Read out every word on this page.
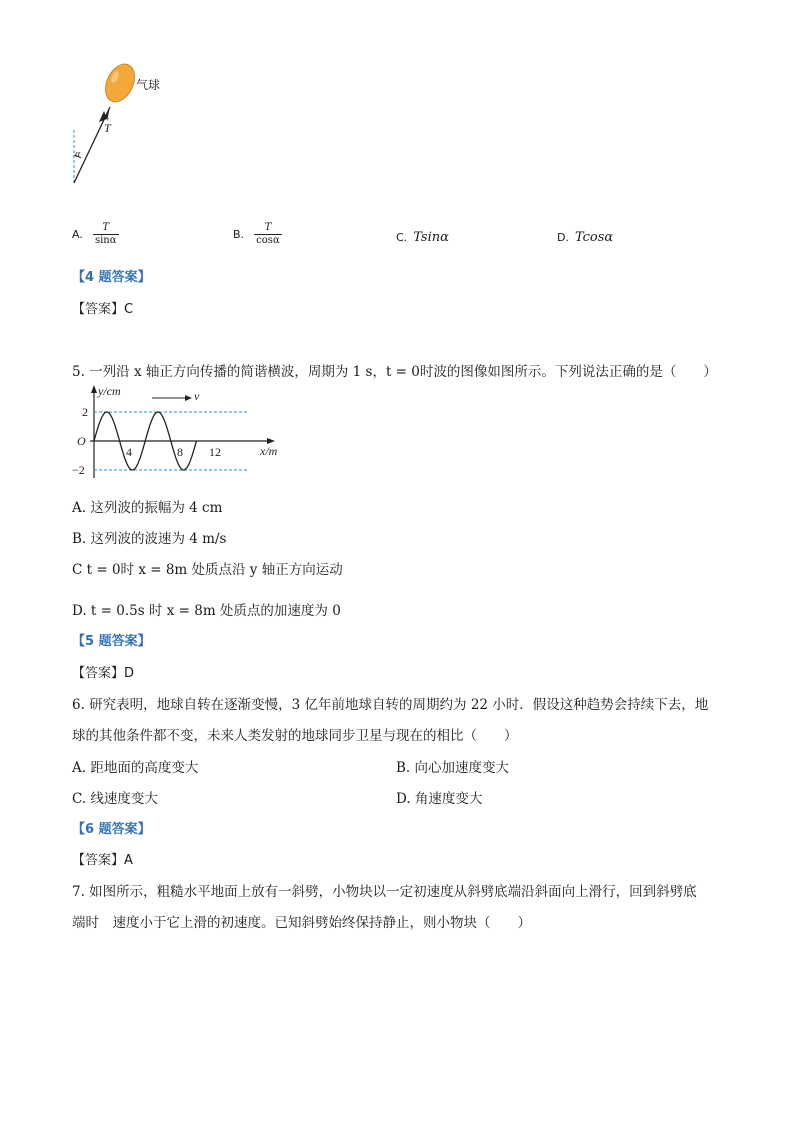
气球
T
α
A. $\frac{T}{\sin\alpha}$	B. $\frac{T}{\cos\alpha}$	C. Tsinα	D. Tcosα
【4 题答案】
【答案】C
5. 一列沿 x 轴正方向传播的简谐横波，周期为 1 s，t = 0时波的图像如图所示。下列说法正确的是（　　）
v
y/cm
x/m
O
2
−2
4	8 12
A. 这列波的振幅为 4 cm
B. 这列波的波速为 4 m/s
C t = 0时 x = 8m 处质点沿 y 轴正方向运动
D. t = 0.5s 时 x = 8m 处质点的加速度为 0
【5 题答案】
【答案】D
6. 研究表明，地球自转在逐渐变慢，3 亿年前地球自转的周期约为 22 小时．假设这种趋势会持续下去，地
球的其他条件都不变，未来人类发射的地球同步卫星与现在的相比（　　）
A. 距地面的高度变大	B. 向心加速度变大
C. 线速度变大	D. 角速度变大
【6 题答案】
【答案】A
7. 如图所示，粗糙水平地面上放有一斜劈，小物块以一定初速度从斜劈底端沿斜面向上滑行，回到斜劈底
端时　速度小于它上滑的初速度。已知斜劈始终保持静止，则小物块（　　）
